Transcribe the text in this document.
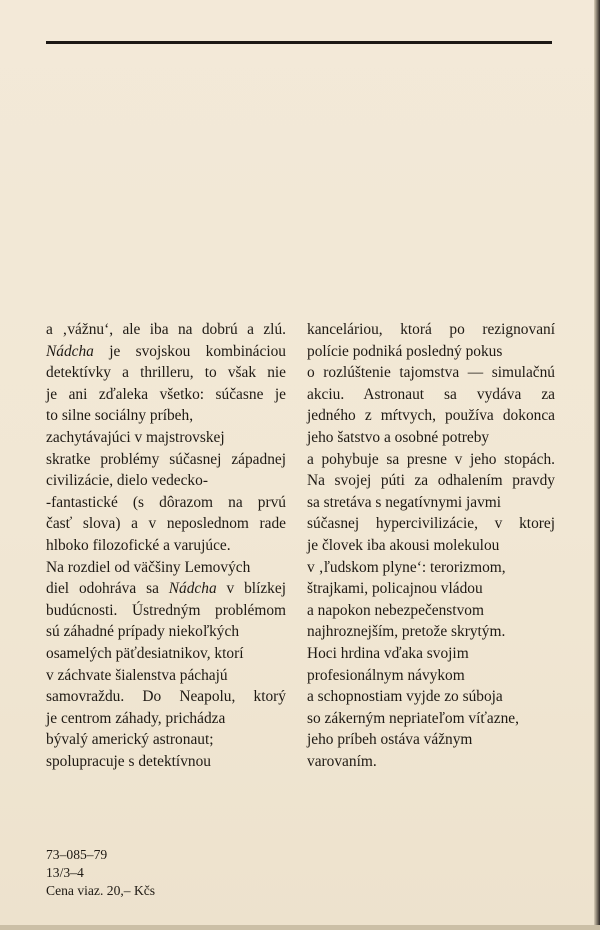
a ‚vážnu‘, ale iba na dobrú a zlú.
Nádcha je svojskou kombináciou
detektívky a thrilleru, to však nie
je ani zďaleka všetko: súčasne je
to silne sociálny príbeh,
zachytávajúci v majstrovskej
skratke problémy súčasnej západnej
civilizácie, dielo vedecko-
-fantastické (s dôrazom na prvú
časť slova) a v neposlednom rade
hlboko filozofické a varujúce.
Na rozdiel od väčšiny Lemových
diel odohráva sa Nádcha v blízkej
budúcnosti. Ústredným problémom
sú záhadné prípady niekoľkých
osamelých päťdesiatnikov, ktorí
v záchvate šialenstva páchajú
samovraždu. Do Neapolu, ktorý
je centrom záhady, prichádza
bývalý americký astronaut;
spolupracuje s detektívnou
kanceláriou, ktorá po rezignovaní
polície podniká posledný pokus
o rozlúštenie tajomstva — simulačnú
akciu. Astronaut sa vydáva za
jedného z mŕtvych, používa dokonca
jeho šatstvo a osobné potreby
a pohybuje sa presne v jeho stopách.
Na svojej púti za odhalením pravdy
sa stretáva s negatívnymi javmi
súčasnej hypercivilizácie, v ktorej
je človek iba akousi molekulou
v ‚ľudskom plyne‘: terorizmom,
štrajkami, policajnou vládou
a napokon nebezpečenstvom
najhroznejším, pretože skrytým.
Hoci hrdina vďaka svojim
profesionálnym návykom
a schopnostiam vyjde zo súboja
so zákerným nepriateľom víťazne,
jeho príbeh ostáva vážnym
varovaním.
73–085–79
13/3–4
Cena viaz. 20,– Kčs
